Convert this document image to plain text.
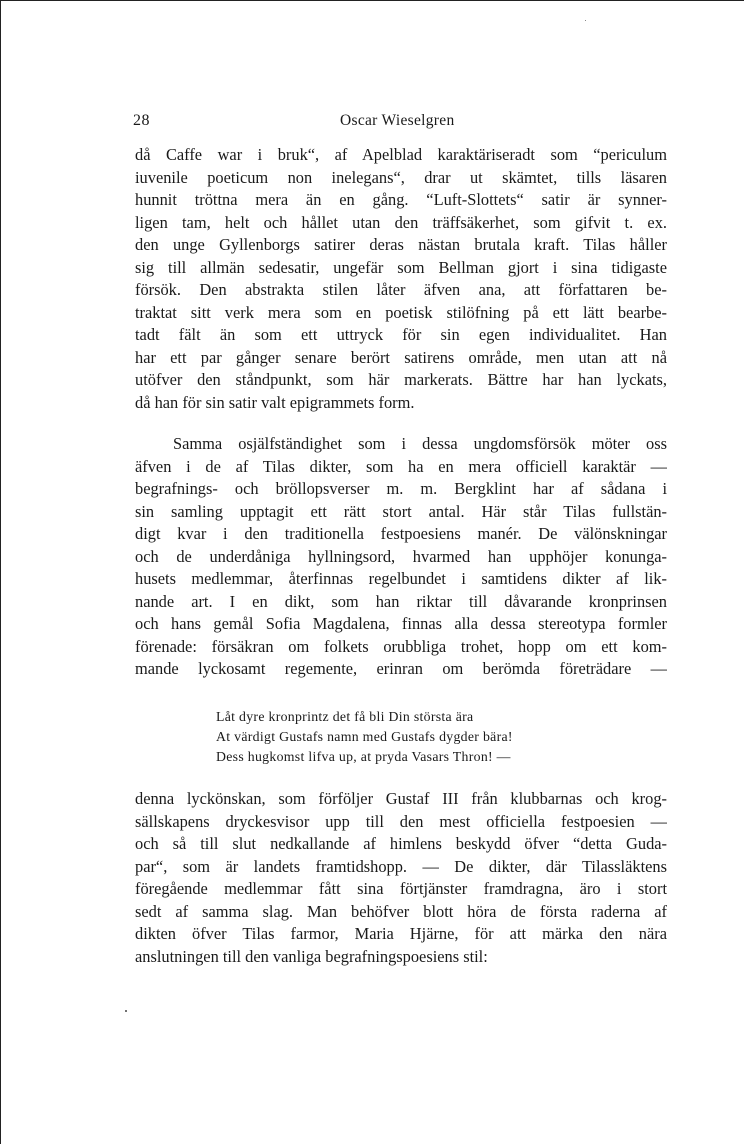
28	Oscar Wieselgren
då Caffe war i bruk“, af Apelblad karaktäriseradt som “periculum
iuvenile poeticum non inelegans“, drar ut skämtet, tills läsaren
hunnit tröttna mera än en gång. “Luft-Slottets“ satir är synner-
ligen tam, helt och hållet utan den träffsäkerhet, som gifvit t. ex.
den unge Gyllenborgs satirer deras nästan brutala kraft. Tilas håller
sig till allmän sedesatir, ungefär som Bellman gjort i sina tidigaste
försök. Den abstrakta stilen låter äfven ana, att författaren be-
traktat sitt verk mera som en poetisk stilöfning på ett lätt bearbe-
tadt fält än som ett uttryck för sin egen individualitet. Han
har ett par gånger senare berört satirens område, men utan att nå
utöfver den ståndpunkt, som här markerats. Bättre har han lyckats,
då han för sin satir valt epigrammets form.
Samma osjälfständighet som i dessa ungdomsförsök möter oss
äfven i de af Tilas dikter, som ha en mera officiell karaktär —
begrafnings- och bröllopsverser m. m. Bergklint har af sådana i
sin samling upptagit ett rätt stort antal. Här står Tilas fullstän-
digt kvar i den traditionella festpoesiens manér. De välönskningar
och de underdåniga hyllningsord, hvarmed han upphöjer konunga-
husets medlemmar, återfinnas regelbundet i samtidens dikter af lik-
nande art. I en dikt, som han riktar till dåvarande kronprinsen
och hans gemål Sofia Magdalena, finnas alla dessa stereotypa formler
förenade: försäkran om folkets orubbliga trohet, hopp om ett kom-
mande lyckosamt regemente, erinran om berömda företrädare —
Låt dyre kronprintz det få bli Din största ära
At värdigt Gustafs namn med Gustafs dygder bära!
Dess hugkomst lifva up, at pryda Vasars Thron! —
denna lyckönskan, som förföljer Gustaf III från klubbarnas och krog-
sällskapens dryckesvisor upp till den mest officiella festpoesien —
och så till slut nedkallande af himlens beskydd öfver “detta Guda-
par“, som är landets framtidshopp. — De dikter, där Tilassläktens
föregående medlemmar fått sina förtjänster framdragna, äro i stort
sedt af samma slag. Man behöfver blott höra de första raderna af
dikten öfver Tilas farmor, Maria Hjärne, för att märka den nära
anslutningen till den vanliga begrafningspoesiens stil:
